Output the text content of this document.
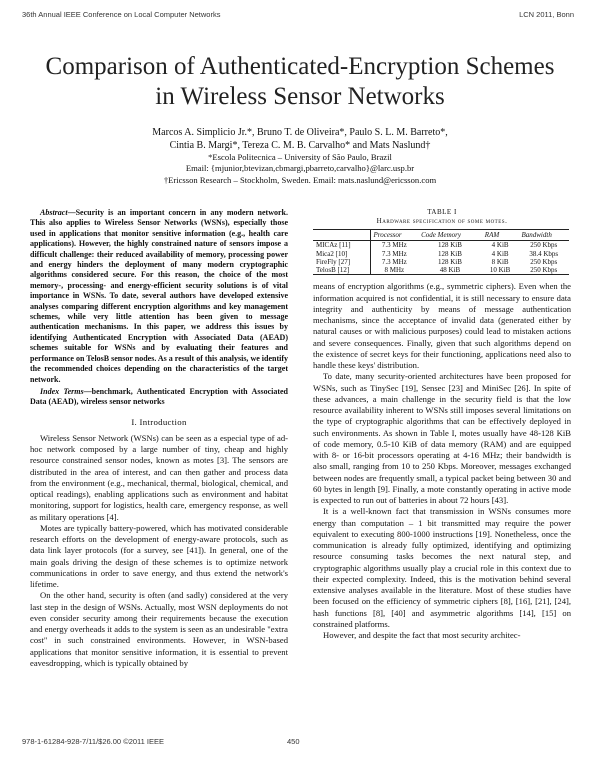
36th Annual IEEE Conference on Local Computer Networks	LCN 2011, Bonn
Comparison of Authenticated-Encryption Schemes
in Wireless Sensor Networks
Marcos A. Simplicio Jr.*, Bruno T. de Oliveira*, Paulo S. L. M. Barreto*,
Cintia B. Margi*, Tereza C. M. B. Carvalho* and Mats Naslund†
*Escola Politecnica – University of São Paulo, Brazil
Email: {mjunior,btevizan,cbmargi,pbarreto,carvalho}@larc.usp.br
†Ericsson Research – Stockholm, Sweden. Email: mats.naslund@ericsson.com

Abstract—Security is an important concern in any modern network. This also applies to Wireless Sensor Networks (WSNs), especially those used in applications that monitor sensitive information (e.g., health care applications). However, the highly constrained nature of sensors impose a difficult challenge: their reduced availability of memory, processing power and energy hinders the deployment of many modern cryptographic algorithms considered secure. For this reason, the choice of the most memory-, processing- and energy-efficient security solutions is of vital importance in WSNs. To date, several authors have developed extensive analyses comparing different encryption algorithms and key management schemes, while very little attention has been given to message authentication mechanisms. In this paper, we address this issues by identifying Authenticated Encryption with Associated Data (AEAD) schemes suitable for WSNs and by evaluating their features and performance on TelosB sensor nodes. As a result of this analysis, we identify the recommended choices depending on the characteristics of the target network.

Index Terms—benchmark, Authenticated Encryption with Associated Data (AEAD), wireless sensor networks

I. Introduction

Wireless Sensor Network (WSNs) can be seen as a especial type of ad-hoc network composed by a large number of tiny, cheap and highly resource constrained sensor nodes, known as motes [3]. The sensors are distributed in the area of interest, and can then gather and process data from the environment (e.g., mechanical, thermal, biological, chemical, and optical readings), enabling applications such as environment and habitat monitoring, support for logistics, health care, emergency response, as well as military operations [4].

Motes are typically battery-powered, which has motivated considerable research efforts on the development of energy-aware protocols, such as data link layer protocols (for a survey, see [41]). In general, one of the main goals driving the design of these schemes is to optimize network communications in order to save energy, and thus extend the network's lifetime.

On the other hand, security is often (and sadly) considered at the very last step in the design of WSNs. Actually, most WSN deployments do not even consider security among their requirements because the execution and energy overheads it adds to the system is seen as an undesirable "extra cost" in such constrained environments. However, in WSN-based applications that monitor sensitive information, it is essential to prevent eavesdropping, which is typically obtained by

TABLE I
Hardware specification of some motes.
	Processor	Code Memory	RAM	Bandwidth
MICAz [11]	7.3 MHz	128 KiB	4 KiB	250 Kbps
Mica2 [10]	7.3 MHz	128 KiB	4 KiB	38.4 Kbps
FireFly [27]	7.3 MHz	128 KiB	8 KiB	250 Kbps
TelosB [12]	8 MHz	48 KiB	10 KiB	250 Kbps

means of encryption algorithms (e.g., symmetric ciphers). Even when the information acquired is not confidential, it is still necessary to ensure data integrity and authenticity by means of message authentication mechanisms, since the acceptance of invalid data (generated either by natural causes or with malicious purposes) could lead to mistaken actions and severe consequences. Finally, given that such algorithms depend on the existence of secret keys for their functioning, applications need also to handle these keys' distribution.

To date, many security-oriented architectures have been proposed for WSNs, such as TinySec [19], Sensec [23] and MiniSec [26]. In spite of these advances, a main challenge in the security field is that the low resource availability inherent to WSNs still imposes several limitations on the type of cryptographic algorithms that can be effectively deployed in such environments. As shown in Table I, motes usually have 48-128 KiB of code memory, 0.5-10 KiB of data memory (RAM) and are equipped with 8- or 16-bit processors operating at 4-16 MHz; their bandwidth is also small, ranging from 10 to 250 Kbps. Moreover, messages exchanged between nodes are frequently small, a typical packet being between 30 and 60 bytes in length [9]. Finally, a mote constantly operating in active mode is expected to run out of batteries in about 72 hours [43].

It is a well-known fact that transmission in WSNs consumes more energy than computation – 1 bit transmitted may require the power equivalent to executing 800-1000 instructions [19]. Nonetheless, once the communication is already fully optimized, identifying and optimizing resource consuming tasks becomes the next natural step, and cryptographic algorithms usually play a crucial role in this context due to their expected complexity. Indeed, this is the motivation behind several extensive analyses available in the literature. Most of these studies have been focused on the efficiency of symmetric ciphers [8], [16], [21], [24], hash functions [8], [40] and asymmetric algorithms [14], [15] on constrained platforms.

However, and despite the fact that most security architec-

978-1-61284-928-7/11/$26.00 ©2011 IEEE	450
